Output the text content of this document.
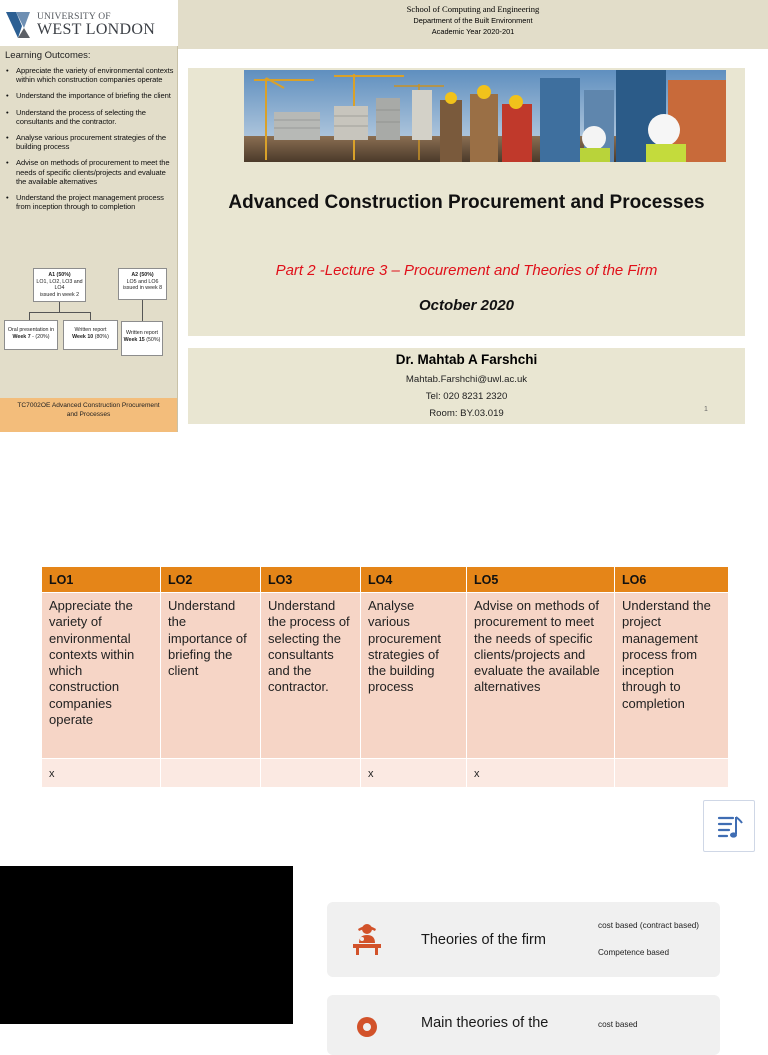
UNIVERSITY OF
WEST LONDON
Learning Outcomes:
• Appreciate the variety of environmental contexts within which construction companies operate
• Understand the importance of briefing the client
• Understand the process of selecting the consultants and the contractor.
• Analyse various procurement strategies of the building process
• Advise on methods of procurement to meet the needs of specific clients/projects and evaluate the available alternatives
• Understand the project management process from inception through to completion
A1 (50%)
LO1, LO2, LO3 and LO4
issued in week 2
A2 (50%)
LO5 and LO6
issued in week 8
Oral presentation in Week 7 - (20%)
Written report
Week 10 (80%)
Written report
Week 15 (50%)
TC7002OE Advanced Construction Procurement
and Processes
School of Computing and Engineering
Department of the Built Environment
Academic Year 2020-201
Advanced Construction Procurement and Processes
Part 2 -Lecture 3 – Procurement and Theories of the Firm
October 2020
Dr. Mahtab A Farshchi
Mahtab.Farshchi@uwl.ac.uk
Tel: 020 8231 2320
Room: BY.03.019	1
LO1	LO2	LO3	LO4	LO5	LO6
Appreciate the variety of environmental contexts within which construction companies operate	Understand the importance of briefing the client	Understand the process of selecting the consultants and the contractor.	Analyse various procurement strategies of the building process	Advise on methods of procurement to meet the needs of specific clients/projects and evaluate the available alternatives	Understand the project management process from inception through to completion
x			x	x	
Theories of the firm
cost based (contract based)
Competence based
Main theories of the	cost based
